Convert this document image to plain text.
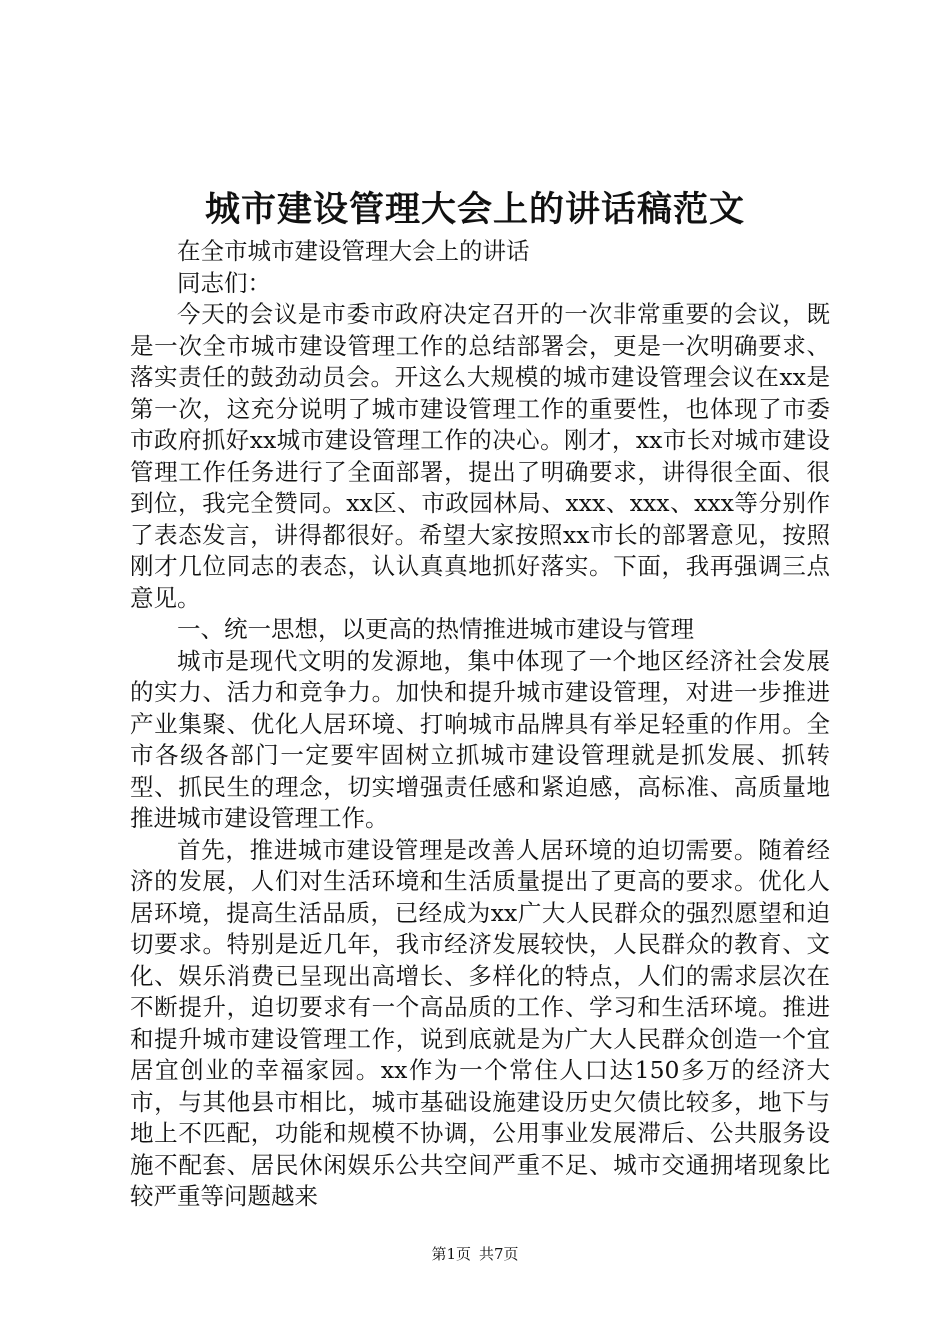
城市建设管理大会上的讲话稿范文

在全市城市建设管理大会上的讲话

同志们：

今天的会议是市委市政府决定召开的一次非常重要的会议，既是一次全市城市建设管理工作的总结部署会，更是一次明确要求、落实责任的鼓劲动员会。开这么大规模的城市建设管理会议在xx是第一次，这充分说明了城市建设管理工作的重要性，也体现了市委市政府抓好xx城市建设管理工作的决心。刚才，xx市长对城市建设管理工作任务进行了全面部署，提出了明确要求，讲得很全面、很到位，我完全赞同。xx区、市政园林局、xxx、xxx、xxx等分别作了表态发言，讲得都很好。希望大家按照xx市长的部署意见，按照刚才几位同志的表态，认认真真地抓好落实。下面，我再强调三点意见。

一、统一思想，以更高的热情推进城市建设与管理

城市是现代文明的发源地，集中体现了一个地区经济社会发展的实力、活力和竞争力。加快和提升城市建设管理，对进一步推进产业集聚、优化人居环境、打响城市品牌具有举足轻重的作用。全市各级各部门一定要牢固树立抓城市建设管理就是抓发展、抓转型、抓民生的理念，切实增强责任感和紧迫感，高标准、高质量地推进城市建设管理工作。

首先，推进城市建设管理是改善人居环境的迫切需要。随着经济的发展，人们对生活环境和生活质量提出了更高的要求。优化人居环境，提高生活品质，已经成为xx广大人民群众的强烈愿望和迫切要求。特别是近几年，我市经济发展较快，人民群众的教育、文化、娱乐消费已呈现出高增长、多样化的特点，人们的需求层次在不断提升，迫切要求有一个高品质的工作、学习和生活环境。推进和提升城市建设管理工作，说到底就是为广大人民群众创造一个宜居宜创业的幸福家园。xx作为一个常住人口达150多万的经济大市，与其他县市相比，城市基础设施建设历史欠债比较多，地下与地上不匹配，功能和规模不协调，公用事业发展滞后、公共服务设施不配套、居民休闲娱乐公共空间严重不足、城市交通拥堵现象比较严重等问题越来

第1页 共7页
